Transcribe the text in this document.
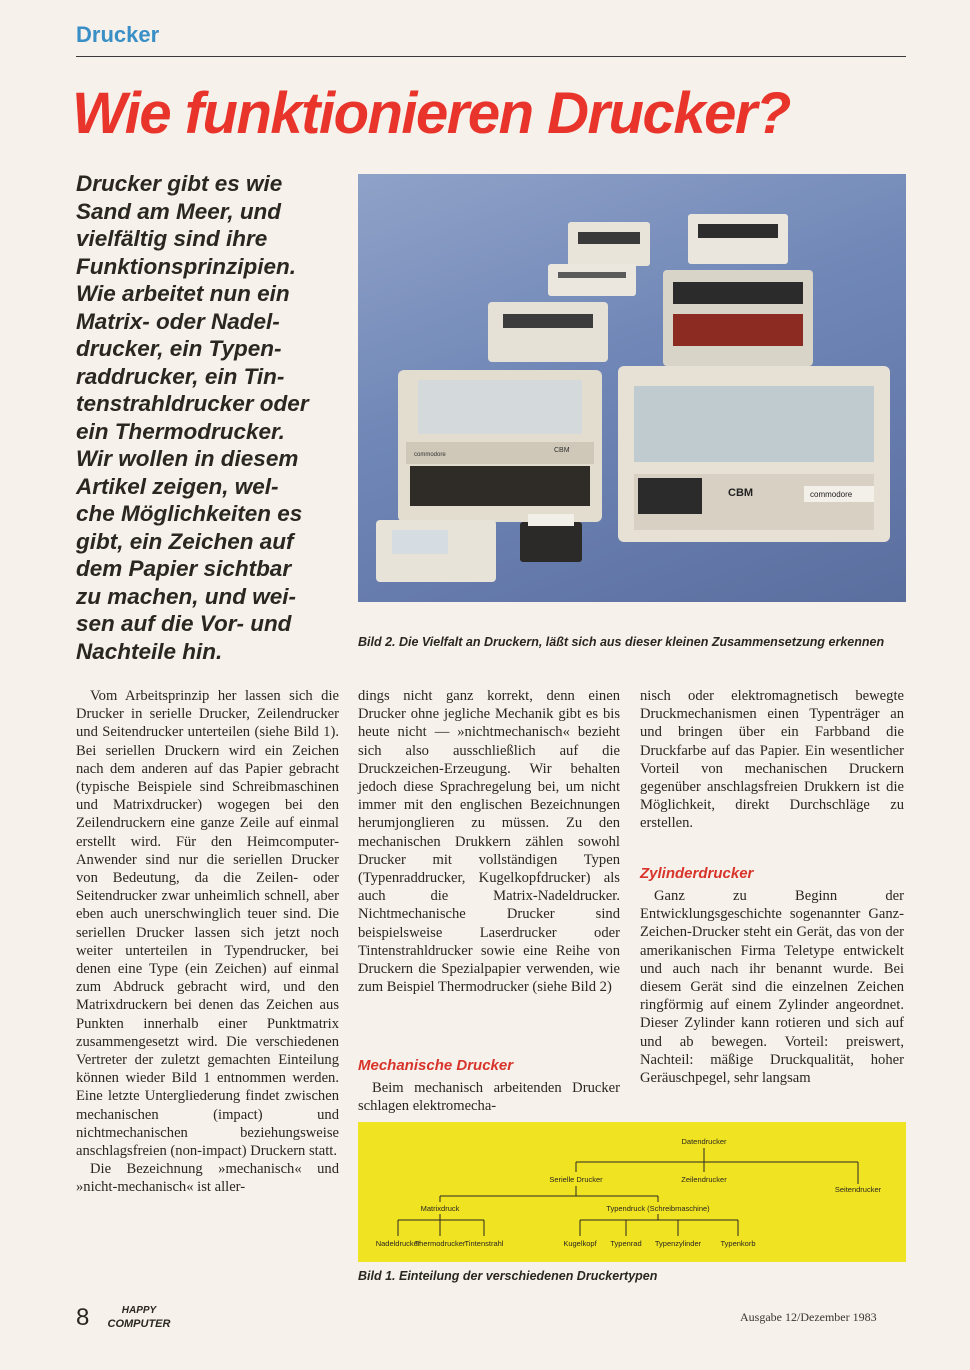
Drucker
Wie funktionieren Drucker?
Drucker gibt es wie
Sand am Meer, und
vielfältig sind ihre
Funktionsprinzipien.
Wie arbeitet nun ein
Matrix- oder Nadel-
drucker, ein Typen-
raddrucker, ein Tin-
tenstrahldrucker oder
ein Thermodrucker.
Wir wollen in diesem
Artikel zeigen, wel-
che Möglichkeiten es
gibt, ein Zeichen auf
dem Papier sichtbar
zu machen, und wei-
sen auf die Vor- und
Nachteile hin.
CBM
commodore
CBM	commodore
Bild 2. Die Vielfalt an Druckern, läßt sich aus dieser kleinen Zusammensetzung erkennen

Vom Arbeitsprinzip her lassen sich die Drucker in serielle Drucker, Zeilendrucker und Seitendrucker unterteilen (siehe Bild 1). Bei seriellen Druckern wird ein Zeichen nach dem anderen auf das Papier gebracht (typische Beispiele sind Schreibmaschinen und Matrixdrucker) wogegen bei den Zeilendruckern eine ganze Zeile auf einmal erstellt wird. Für den Heimcomputer-Anwender sind nur die seriellen Drucker von Bedeutung, da die Zeilen- oder Seitendrucker zwar unheimlich schnell, aber eben auch unerschwinglich teuer sind. Die seriellen Drucker lassen sich jetzt noch weiter unterteilen in Typendrucker, bei denen eine Type (ein Zeichen) auf einmal zum Abdruck gebracht wird, und den Matrixdruckern bei denen das Zeichen aus Punkten innerhalb einer Punktmatrix zusammengesetzt wird. Die verschiedenen Vertreter der zuletzt gemachten Einteilung können wieder Bild 1 entnommen werden. Eine letzte Untergliederung findet zwischen mechanischen (impact) und nichtmechanischen beziehungsweise anschlagsfreien (non-impact) Druckern statt.

Die Bezeichnung »mechanisch« und »nicht-mechanisch« ist aller-

dings nicht ganz korrekt, denn einen Drucker ohne jegliche Mechanik gibt es bis heute nicht — »nichtmechanisch« bezieht sich also ausschließlich auf die Druckzeichen-Erzeugung. Wir behalten jedoch diese Sprachregelung bei, um nicht immer mit den englischen Bezeichnungen herumjonglieren zu müssen. Zu den mechanischen Drukkern zählen sowohl Drucker mit vollständigen Typen (Typenraddrucker, Kugelkopfdrucker) als auch die Matrix-Nadeldrucker. Nichtmechanische Drucker sind beispielsweise Laserdrucker oder Tintenstrahldrucker sowie eine Reihe von Druckern die Spezialpapier verwenden, wie zum Beispiel Thermodrucker (siehe Bild 2)

Mechanische Drucker

Beim mechanisch arbeitenden Drucker schlagen elektromecha-

nisch oder elektromagnetisch bewegte Druckmechanismen einen Typenträger an und bringen über ein Farbband die Druckfarbe auf das Papier. Ein wesentlicher Vorteil von mechanischen Druckern gegenüber anschlagsfreien Drukkern ist die Möglichkeit, direkt Durchschläge zu erstellen.

Zylinderdrucker

Ganz zu Beginn der Entwicklungsgeschichte sogenannter Ganz-Zeichen-Drucker steht ein Gerät, das von der amerikanischen Firma Teletype entwickelt und auch nach ihr benannt wurde. Bei diesem Gerät sind die einzelnen Zeichen ringförmig auf einem Zylinder angeordnet. Dieser Zylinder kann rotieren und sich auf und ab bewegen. Vorteil: preiswert, Nachteil: mäßige Druckqualität, hoher Geräuschpegel, sehr langsam

Datendrucker
Serielle Drucker	Zeilendrucker
Seitendrucker
Matrixdruck	Typendruck (Schreibmaschine)
Nadeldrucker
Thermodrucker Tintenstrahl	Kugelkopf Typenrad Typenzylinder	Typenkorb
Bild 1. Einteilung der verschiedenen Druckertypen
8	HAPPY
COMPUTER	Ausgabe 12/Dezember 1983
